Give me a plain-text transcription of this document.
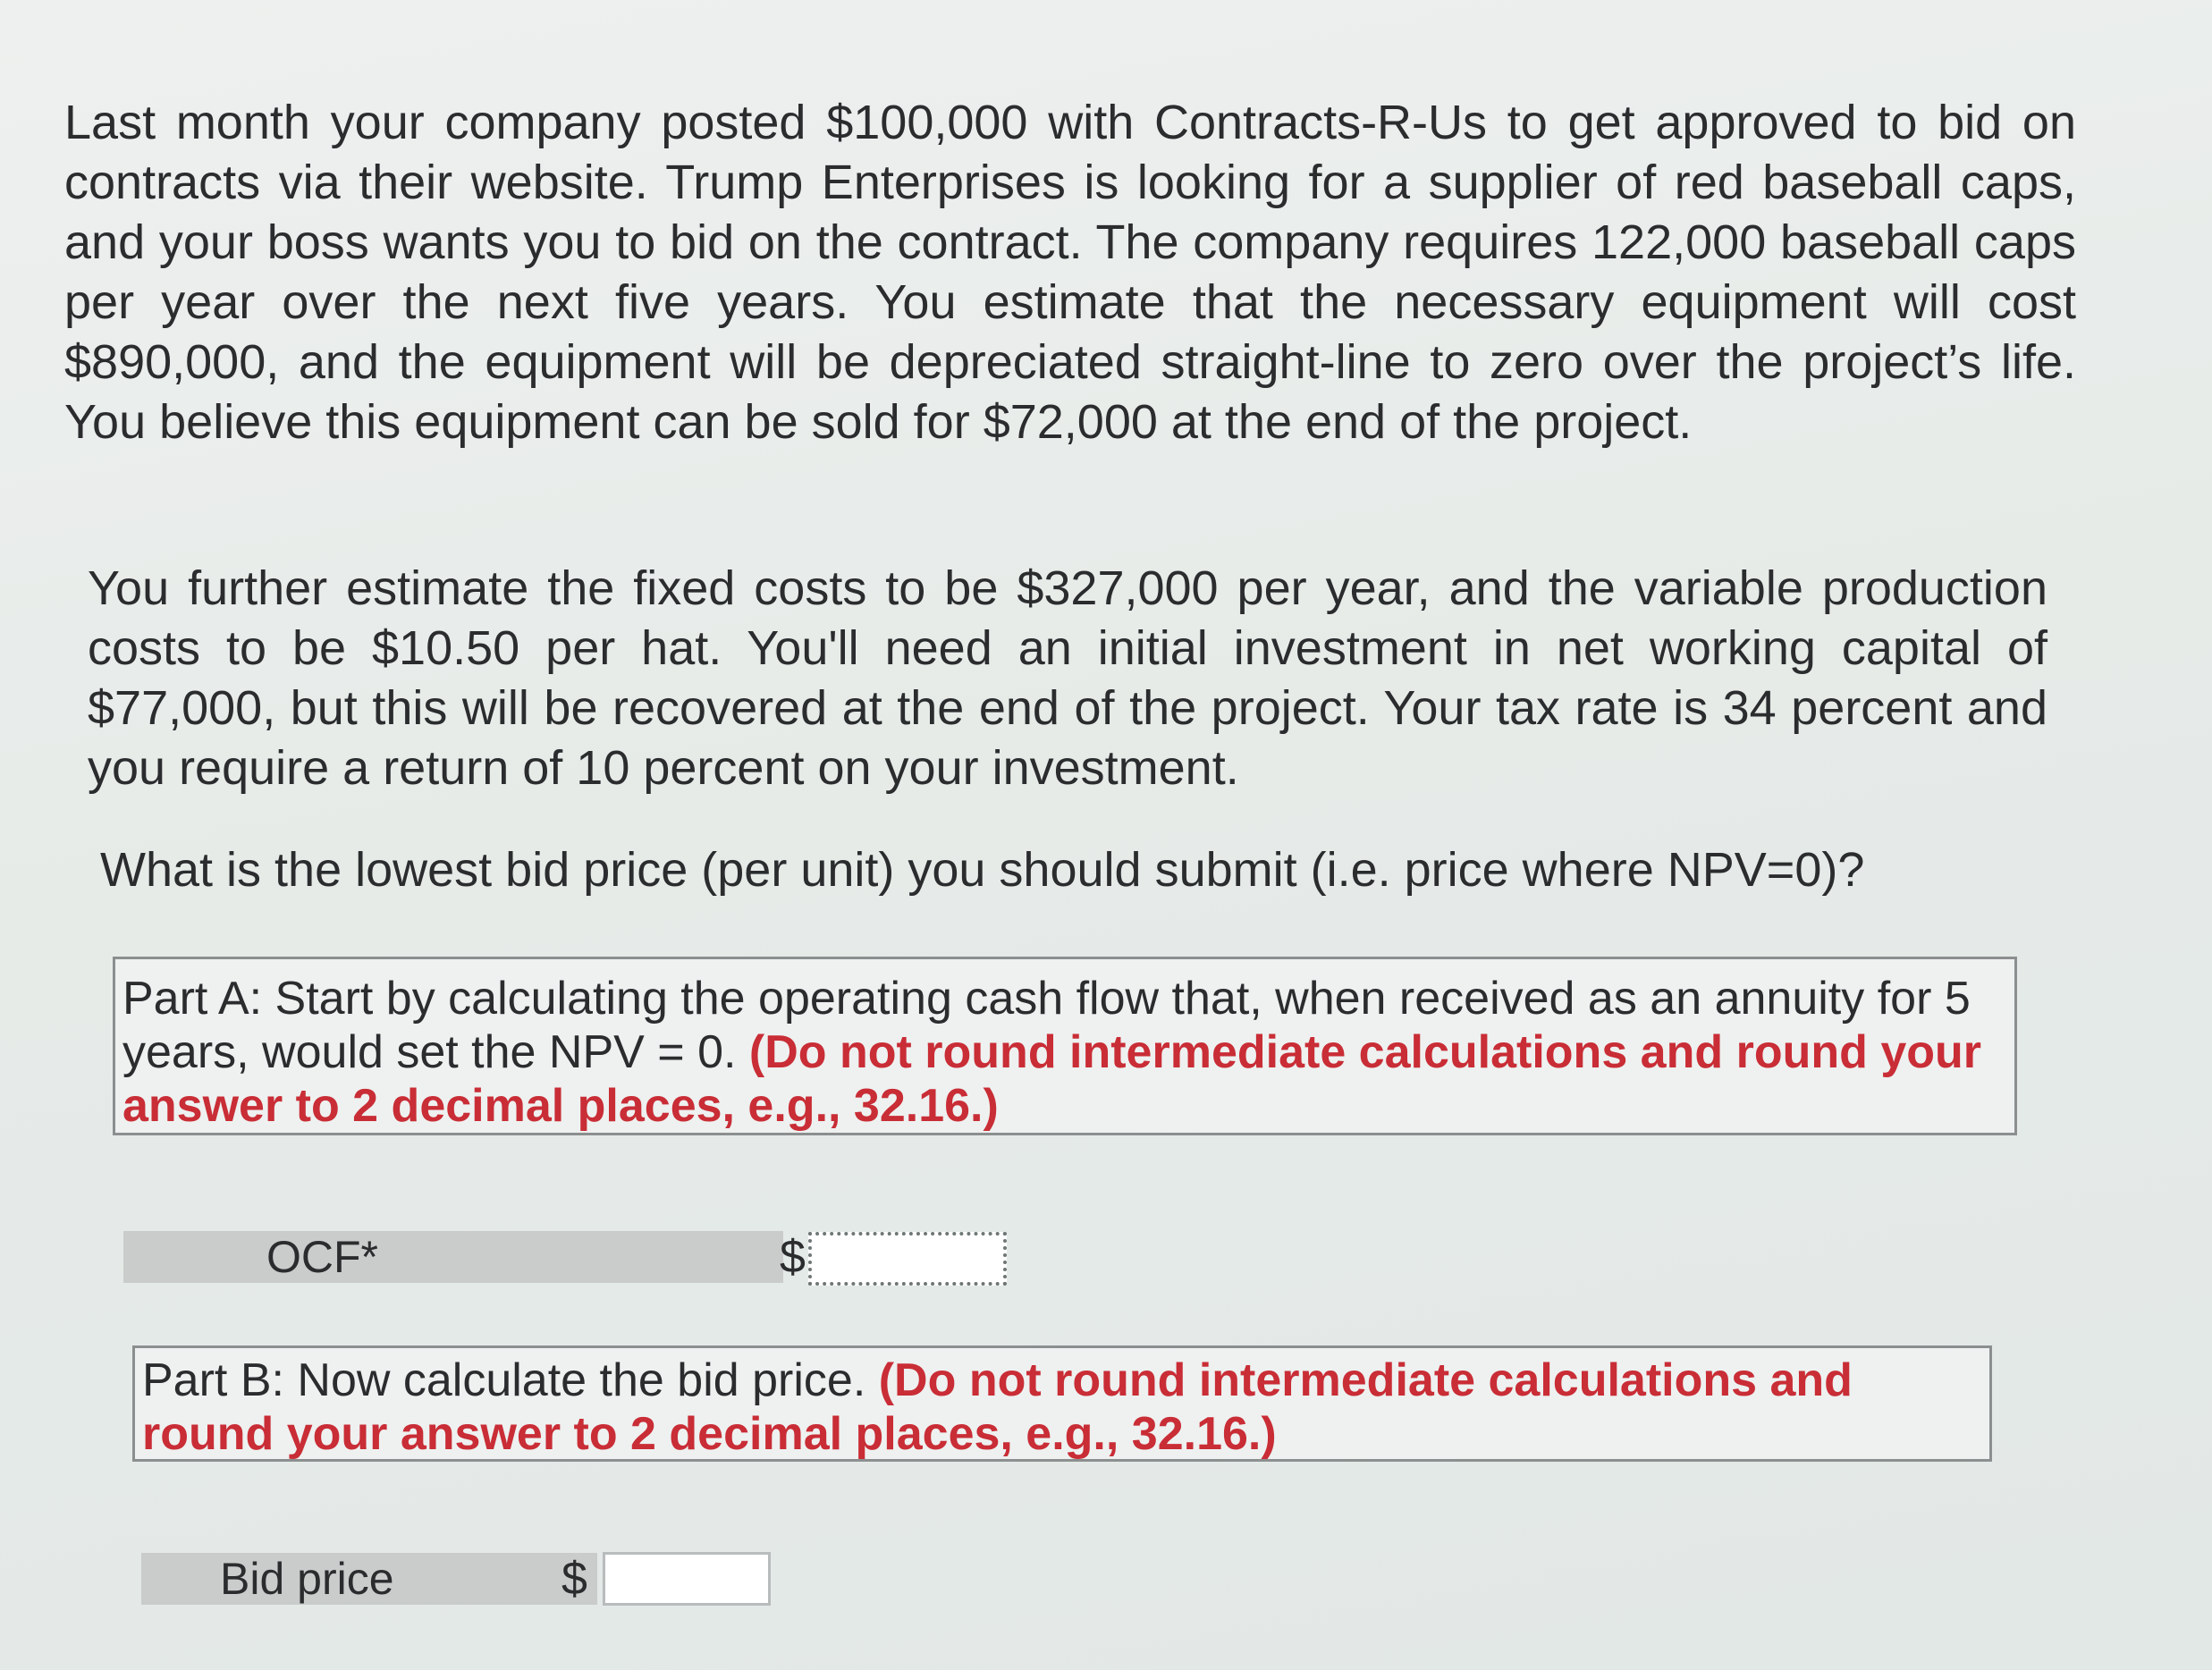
Last month your company posted $100,000 with Contracts-R-Us to get approved to bid on contracts via their website. Trump Enterprises is looking for a supplier of red baseball caps, and your boss wants you to bid on the contract. The company requires 122,000 baseball caps per year over the next five years. You estimate that the necessary equipment will cost $890,000, and the equipment will be depreciated straight-line to zero over the project’s life. You believe this equipment can be sold for $72,000 at the end of the project.

You further estimate the fixed costs to be $327,000 per year, and the variable production costs to be $10.50 per hat. You'll need an initial investment in net working capital of $77,000, but this will be recovered at the end of the project. Your tax rate is 34 percent and you require a return of 10 percent on your investment.

What is the lowest bid price (per unit) you should submit (i.e. price where NPV=0)?

Part A: Start by calculating the operating cash flow that, when received as an annuity for 5 years, would set the NPV = 0. (Do not round intermediate calculations and round your answer to 2 decimal places, e.g., 32.16.)
OCF*	$
Part B: Now calculate the bid price. (Do not round intermediate calculations and round your answer to 2 decimal places, e.g., 32.16.)
Bid price	$
